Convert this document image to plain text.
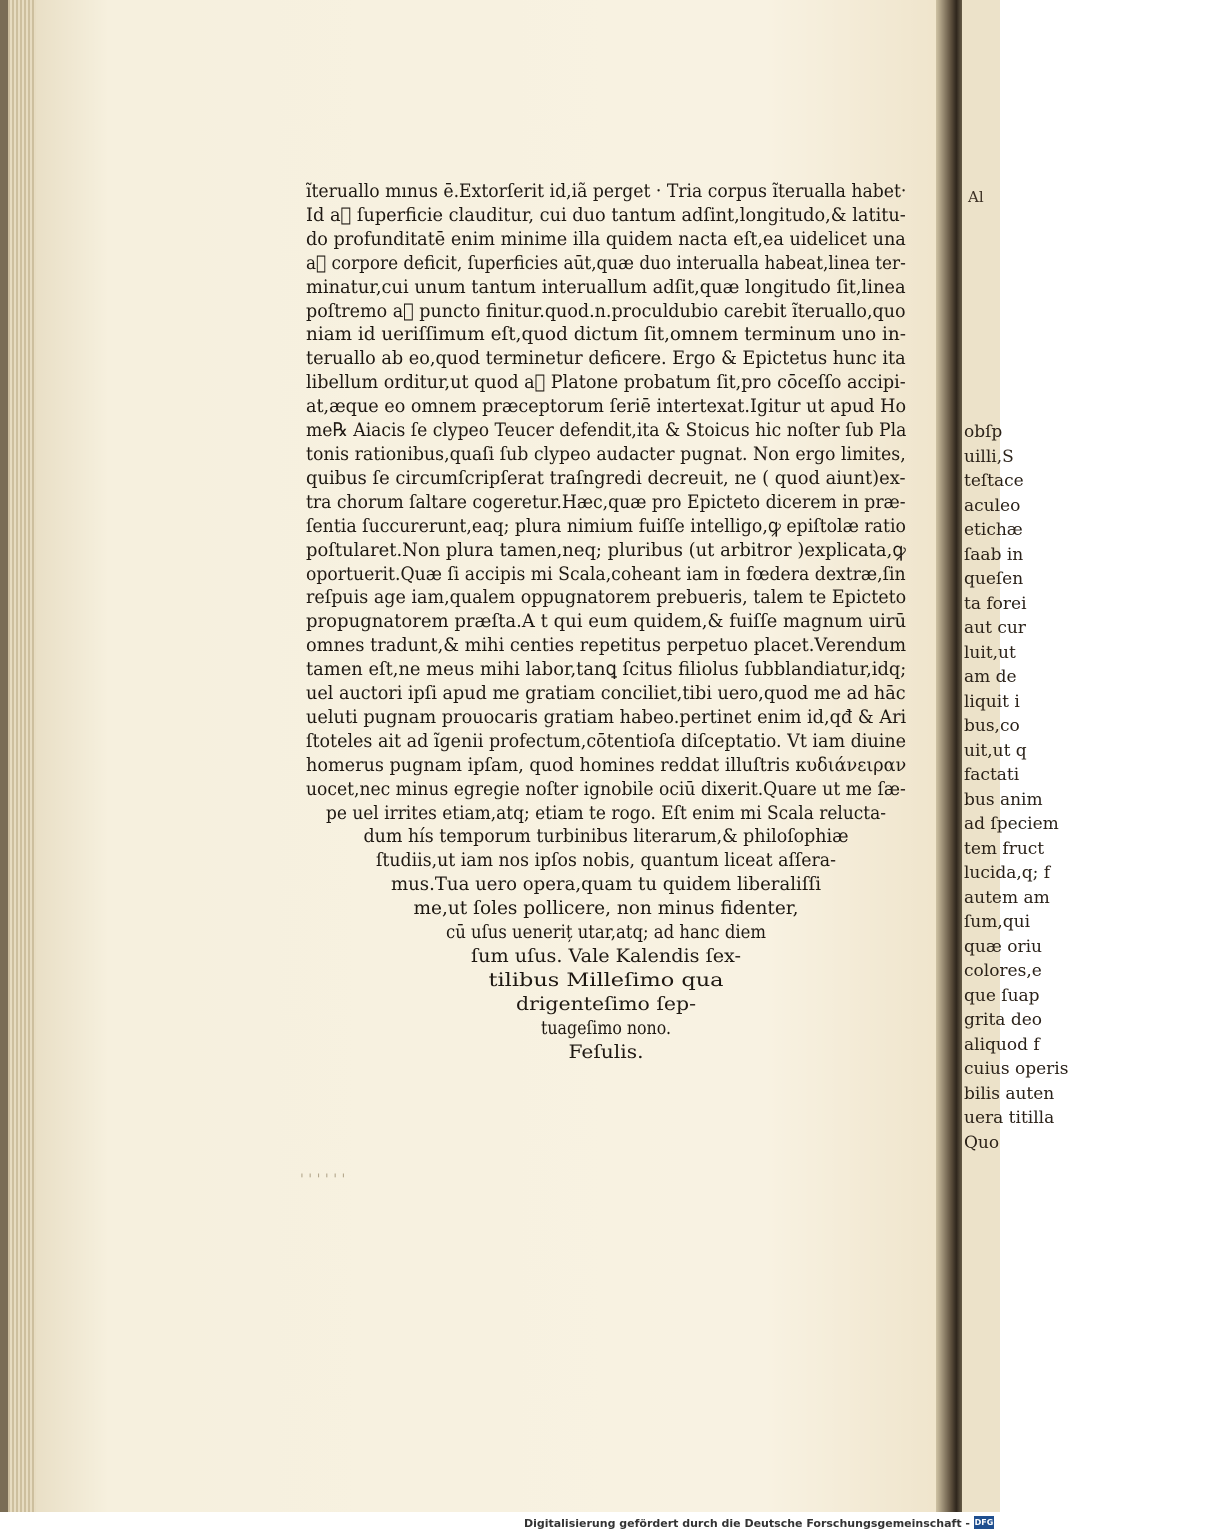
Al
obſp
uilli,S
teſtace
aculeo
etichæ
ſaab in
queſen
ta forei
aut cur
luit,ut
am de
liquit i
bus,co
uit,ut q
factati
bus anim
ad ſpeciem
tem fruct
lucida,q; f
autem am
ſum,qui
quæ oriu
colores,e
que ſuap
grita deo
aliquod f
cuius operis
bilis auten
uera titilla
Quo
ĩteruallo mınus ē.Extorſerit id,iã perget · Tria corpus ĩterualla habet·
Id a᷑ ſuperficie clauditur, cui duo tantum adſint,longitudo,& latitu-
do profunditatē enim minime illa quidem nacta eſt,ea uidelicet una
a᷑ corpore deficit, ſuperficies aūt,quæ duo interualla habeat,linea ter-
minatur,cui unum tantum interuallum adſit,quæ longitudo ſit,linea
poſtremo a᷑ puncto finitur.quod.n.proculdubio carebit ĩteruallo,quo
niam id ueriſſimum eſt,quod dictum ſit,omnem terminum uno in-
teruallo ab eo,quod terminetur deficere. Ergo & Epictetus hunc ita
libellum orditur,ut quod a᷑ Platone probatum ſit,pro cōceſſo accipi-
at,æque eo omnem præceptorum ſeriē intertexat.Igitur ut apud Ho
me℞ Aiacis ſe clypeo Teucer defendit,ita & Stoicus hic noſter ſub Pla
tonis rationibus,quaſi ſub clypeo audacter pugnat. Non ergo limites,
quibus ſe circumſcripſerat traſngredi decreuit, ne ( quod aiunt)ex-
tra chorum ſaltare cogeretur.Hæc,quæ pro Epicteto dicerem in præ-
ſentia ſuccurerunt,eaq; plura nimium fuiſſe intelligo,ꝙ epiſtolæ ratio
poſtularet.Non plura tamen,neq; pluribus (ut arbitror )explicata,ꝙ
oportuerit.Quæ ſi accipis mi Scala,coheant iam in fœdera dextræ,ſin
reſpuis age iam,qualem oppugnatorem prebueris, talem te Epicteto
propugnatorem præſta.A t qui eum quidem,& fuiſſe magnum uirū
omnes tradunt,& mihi centies repetitus perpetuo placet.Verendum
tamen eſt,ne meus mihi labor,tanꝗ ſcitus filiolus ſubblandiatur,idq;
uel auctori ipſi apud me gratiam conciliet,tibi uero,quod me ad hāc
ueluti pugnam prouocaris gratiam habeo.pertinet enim id,qđ & Ari
ſtoteles ait ad ĩgenii profectum,cōtentioſa diſceptatio. Vt iam diuine
homerus pugnam ipſam, quod homines reddat illuſtris κυδιάνειραν
uocet,nec minus egregie noſter ignobile ociū dixerit.Quare ut me ſæ-
pe uel irrites etiam,atq; etiam te rogo. Eſt enim mi Scala relucta-
dum hís temporum turbinibus literarum,& philoſophiæ
ſtudiis,ut iam nos ipſos nobis, quantum liceat aſſera-
mus.Tua uero opera,quam tu quidem liberaliſſi
me,ut ſoles pollicere, non minus fidenter,
cū uſus ueneriț utar,atq; ad hanc diem
ſum uſus. Vale Kalendis ſex-
tilibus Milleſimo qua
drigenteſimo ſep-
tuageſimo nono.
Feſulis.
' ' ' ' ' '
Digitalisierung gefördert durch die Deutsche Forschungsgemeinschaft - DFG
